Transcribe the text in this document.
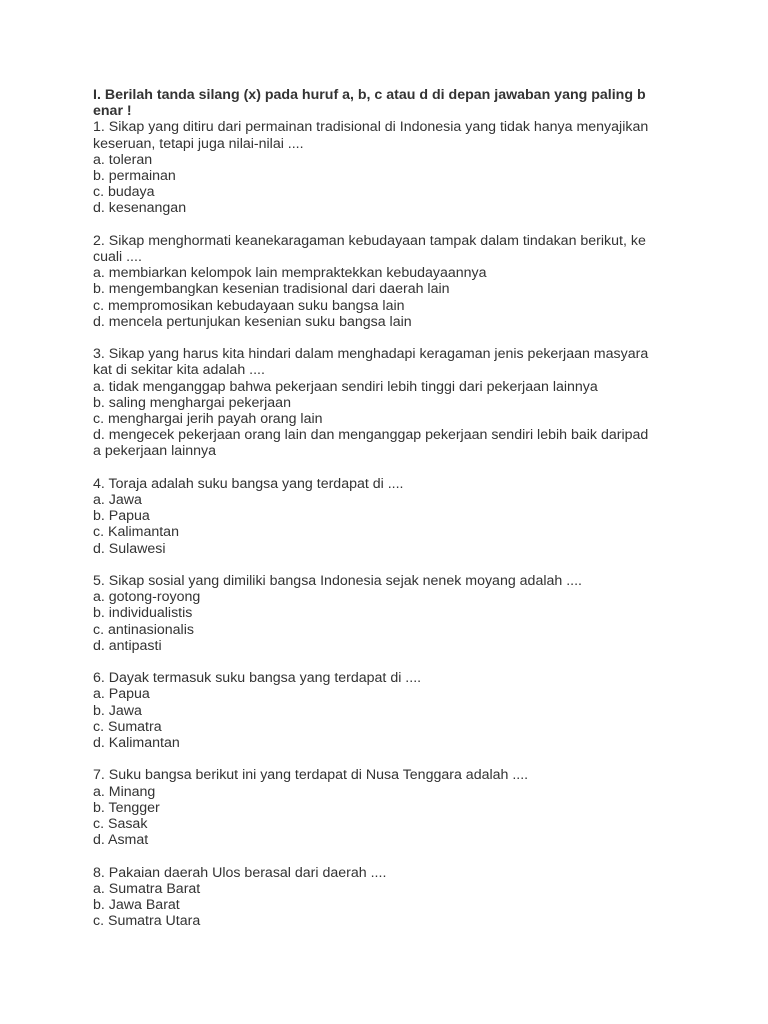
I. Berilah tanda silang (x) pada huruf a, b, c atau d di depan jawaban yang paling b
enar !
1. Sikap yang ditiru dari permainan tradisional di Indonesia yang tidak hanya menyajikan
keseruan, tetapi juga nilai-nilai ....
a. toleran
b. permainan
c. budaya
d. kesenangan
2. Sikap menghormati keanekaragaman kebudayaan tampak dalam tindakan berikut, ke
cuali ....
a. membiarkan kelompok lain mempraktekkan kebudayaannya
b. mengembangkan kesenian tradisional dari daerah lain
c. mempromosikan kebudayaan suku bangsa lain
d. mencela pertunjukan kesenian suku bangsa lain
3. Sikap yang harus kita hindari dalam menghadapi keragaman jenis pekerjaan masyara
kat di sekitar kita adalah ....
a. tidak menganggap bahwa pekerjaan sendiri lebih tinggi dari pekerjaan lainnya
b. saling menghargai pekerjaan
c. menghargai jerih payah orang lain
d. mengecek pekerjaan orang lain dan menganggap pekerjaan sendiri lebih baik daripad
a pekerjaan lainnya
4. Toraja adalah suku bangsa yang terdapat di ....
a. Jawa
b. Papua
c. Kalimantan
d. Sulawesi
5. Sikap sosial yang dimiliki bangsa Indonesia sejak nenek moyang adalah ....
a. gotong-royong
b. individualistis
c. antinasionalis
d. antipasti
6. Dayak termasuk suku bangsa yang terdapat di ....
a. Papua
b. Jawa
c. Sumatra
d. Kalimantan
7. Suku bangsa berikut ini yang terdapat di Nusa Tenggara adalah ....
a. Minang
b. Tengger
c. Sasak
d. Asmat
8. Pakaian daerah Ulos berasal dari daerah ....
a. Sumatra Barat
b. Jawa Barat
c. Sumatra Utara
